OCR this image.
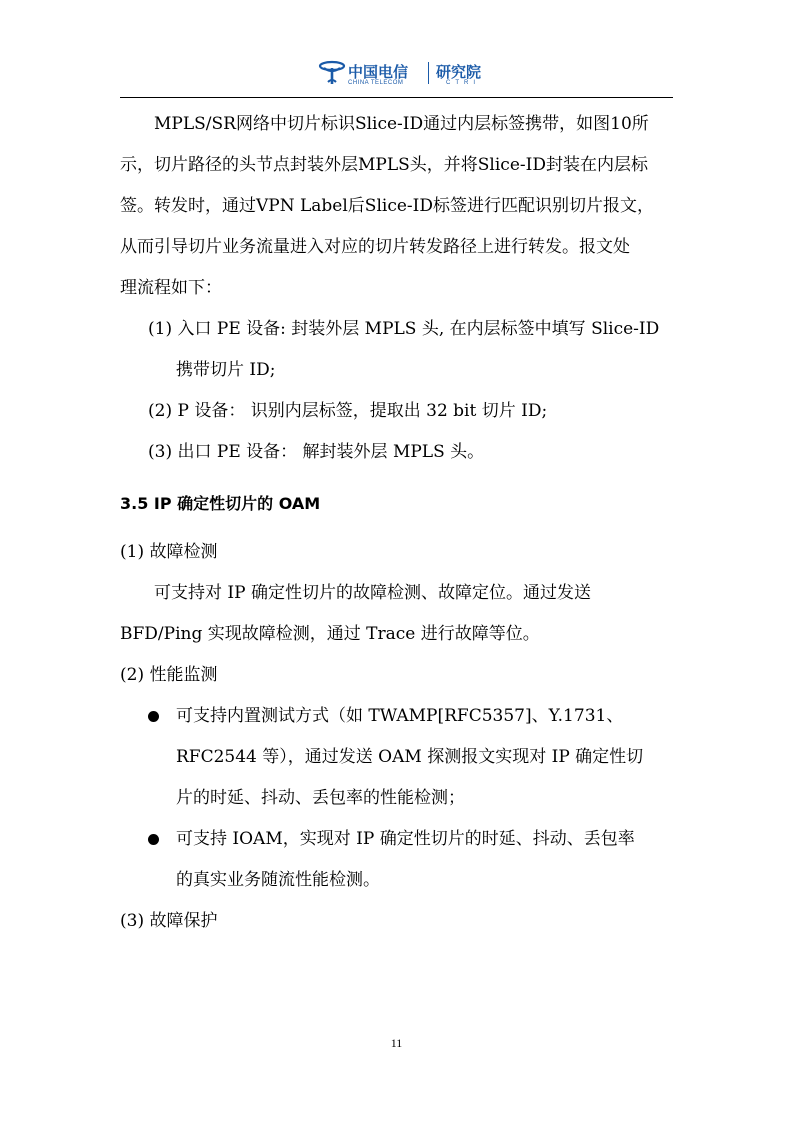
中国电信
CHINA TELECOM
研究院
CTRI

MPLS/SR网络中切片标识Slice-ID通过内层标签携带，如图10所

示，切片路径的头节点封装外层MPLS头，并将Slice-ID封装在内层标

签。转发时，通过VPN Label后Slice-ID标签进行匹配识别切片报文，

从而引导切片业务流量进入对应的切片转发路径上进行转发。报文处

理流程如下：

(1) 入口 PE 设备: 封装外层 MPLS 头, 在内层标签中填写 Slice-ID

携带切片 ID;

(2) P 设备： 识别内层标签，提取出 32 bit 切片 ID;

(3) 出口 PE 设备： 解封装外层 MPLS 头。

3.5 IP 确定性切片的 OAM

(1) 故障检测

可支持对 IP 确定性切片的故障检测、故障定位。通过发送

BFD/Ping 实现故障检测，通过 Trace 进行故障等位。

(2) 性能监测

可支持内置测试方式（如 TWAMP[RFC5357]、Y.1731、

RFC2544 等），通过发送 OAM 探测报文实现对 IP 确定性切

片的时延、抖动、丢包率的性能检测；

可支持 IOAM，实现对 IP 确定性切片的时延、抖动、丢包率

的真实业务随流性能检测。

(3) 故障保护

11
